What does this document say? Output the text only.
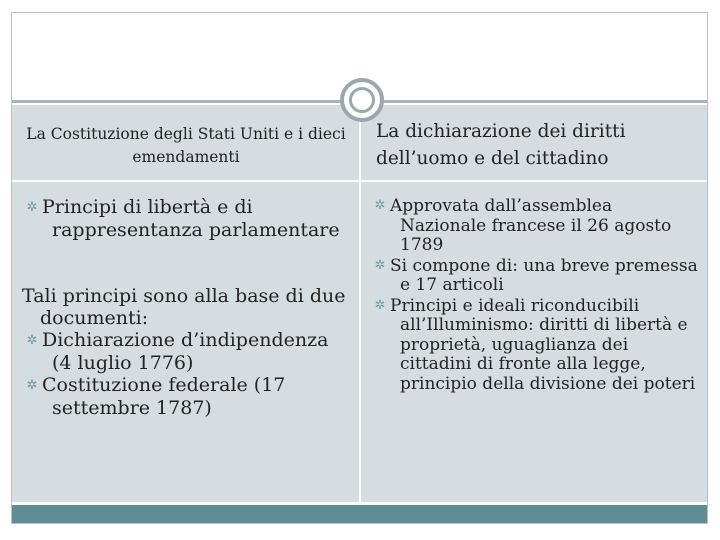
La Costituzione degli Stati Uniti e i dieci emendamenti
La dichiarazione dei diritti dell’uomo e del cittadino
✲ Principi di libertà e di rappresentanza parlamentare
Tali principi sono alla base di due documenti:
✲ Dichiarazione d’indipendenza (4 luglio 1776)
✲ Costituzione federale (17 settembre 1787)
✲ Approvata dall’assemblea Nazionale francese il 26 agosto 1789
✲ Si compone di: una breve premessa e 17 articoli
✲ Principi e ideali riconducibili all’Illuminismo: diritti di libertà e proprietà, uguaglianza dei cittadini di fronte alla legge, principio della divisione dei poteri
